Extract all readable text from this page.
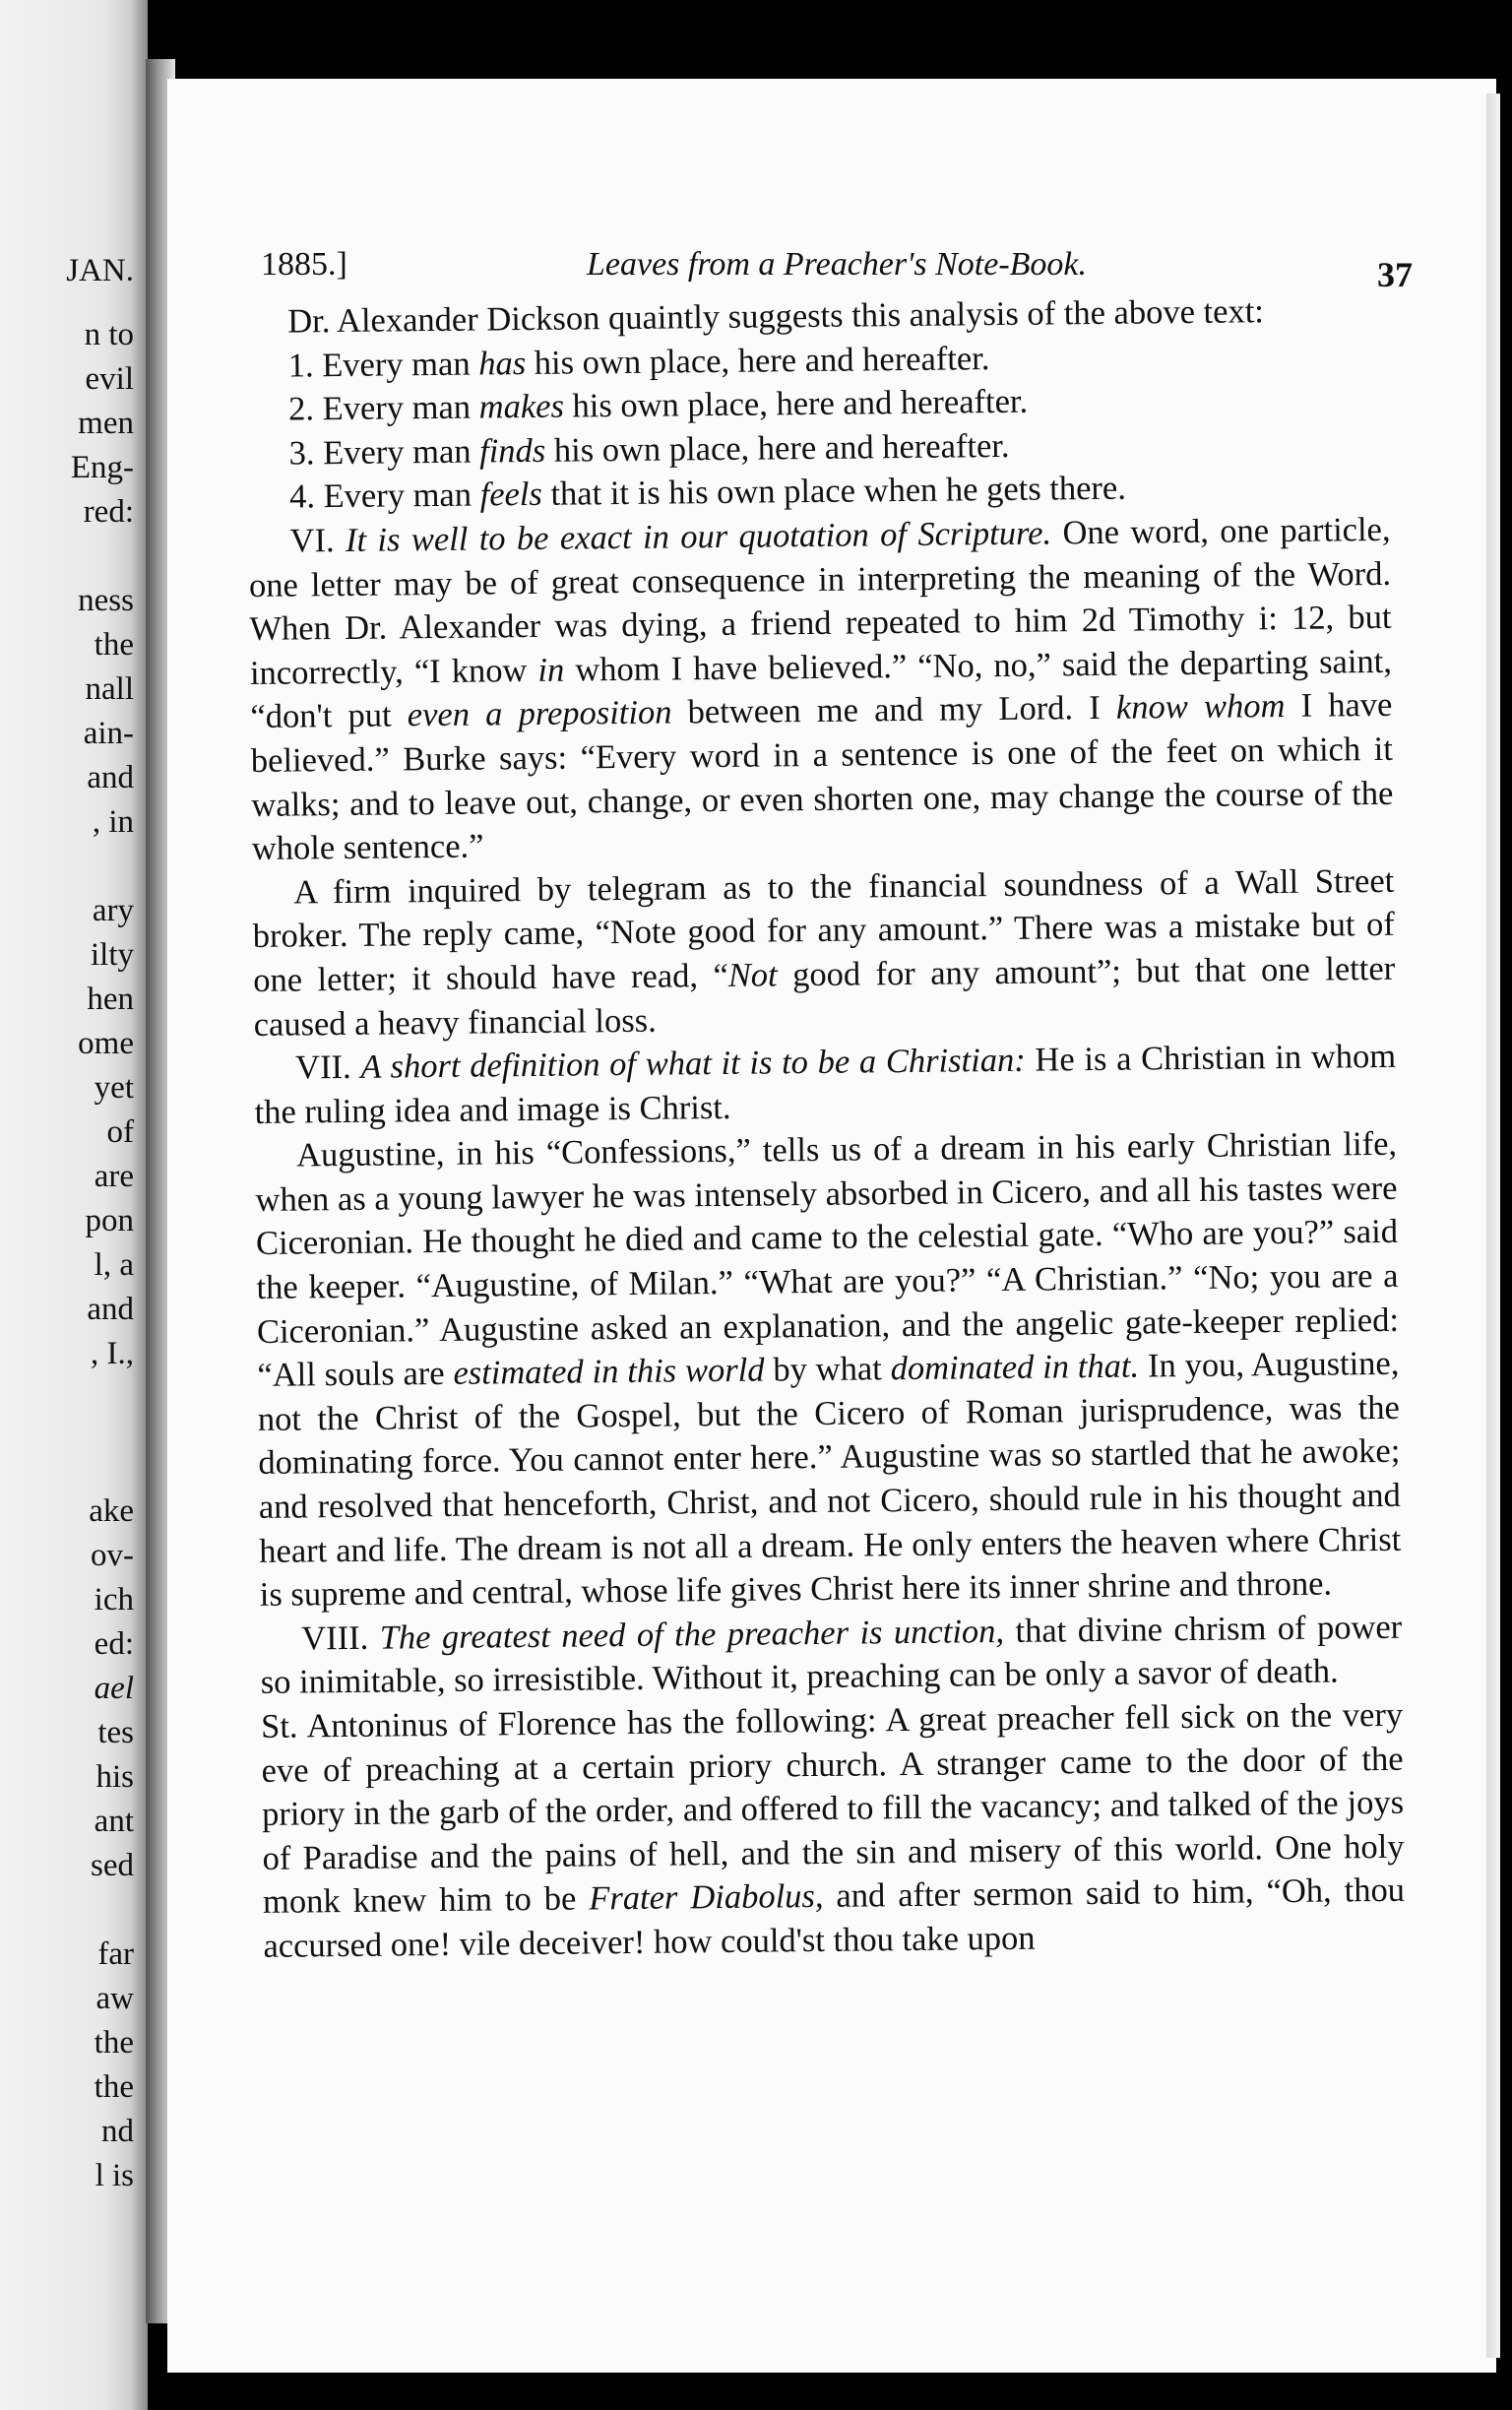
JAN.
n to
evil
men
Eng-
red:
ness
the
nall
ain-
and
, in
ary
ilty
hen
ome
yet
of
are
pon
l, a
and
, I.,
ake
ov-
ich
ed:
ael
tes
his
ant
sed
far
aw
the
the
nd
l is
1885.]	Leaves from a Preacher's Note-Book.	37

Dr. Alexander Dickson quaintly suggests this analysis of the above text:

1. Every man has his own place, here and hereafter.

2. Every man makes his own place, here and hereafter.

3. Every man finds his own place, here and hereafter.

4. Every man feels that it is his own place when he gets there.

VI. It is well to be exact in our quotation of Scripture. One word, one particle, one letter may be of great consequence in interpreting the meaning of the Word. When Dr. Alexander was dying, a friend repeated to him 2d Timothy i: 12, but incorrectly, “I know in whom I have believed.” “No, no,” said the departing saint, “don't put even a preposition between me and my Lord. I know whom I have believed.” Burke says: “Every word in a sentence is one of the feet on which it walks; and to leave out, change, or even shorten one, may change the course of the whole sentence.”

A firm inquired by telegram as to the financial soundness of a Wall Street broker. The reply came, “Note good for any amount.” There was a mistake but of one letter; it should have read, “Not good for any amount”; but that one letter caused a heavy financial loss.

VII. A short definition of what it is to be a Christian: He is a Christian in whom the ruling idea and image is Christ.

Augustine, in his “Confessions,” tells us of a dream in his early Christian life, when as a young lawyer he was intensely absorbed in Cicero, and all his tastes were Ciceronian. He thought he died and came to the celestial gate. “Who are you?” said the keeper. “Augustine, of Milan.” “What are you?” “A Christian.” “No; you are a Ciceronian.” Augustine asked an explanation, and the angelic gate-keeper replied: “All souls are estimated in this world by what dominated in that. In you, Augustine, not the Christ of the Gospel, but the Cicero of Roman jurisprudence, was the dominating force. You cannot enter here.” Augustine was so startled that he awoke; and resolved that henceforth, Christ, and not Cicero, should rule in his thought and heart and life. The dream is not all a dream. He only enters the heaven where Christ is supreme and central, whose life gives Christ here its inner shrine and throne.

VIII. The greatest need of the preacher is unction, that divine chrism of power so inimitable, so irresistible. Without it, preaching can be only a savor of death.

St. Antoninus of Florence has the following: A great preacher fell sick on the very eve of preaching at a certain priory church. A stranger came to the door of the priory in the garb of the order, and offered to fill the vacancy; and talked of the joys of Paradise and the pains of hell, and the sin and misery of this world. One holy monk knew him to be Frater Diabolus, and after sermon said to him, “Oh, thou accursed one! vile deceiver! how could'st thou take upon
